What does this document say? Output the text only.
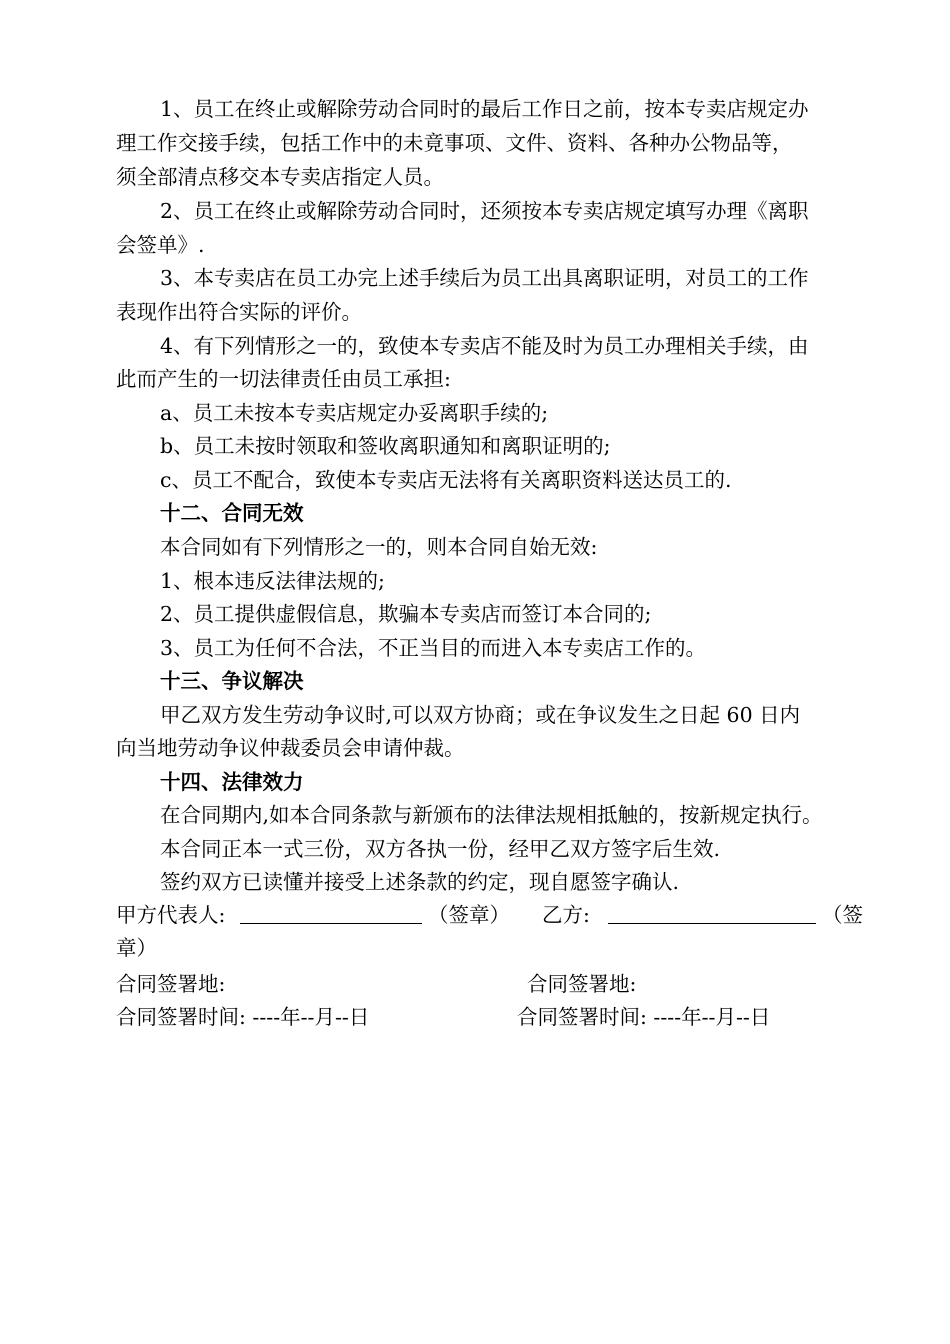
1、员工在终止或解除劳动合同时的最后工作日之前，按本专卖店规定办
理工作交接手续，包括工作中的未竟事项、文件、资料、各种办公物品等，
须全部清点移交本专卖店指定人员。
2、员工在终止或解除劳动合同时，还须按本专卖店规定填写办理《离职
会签单》.
3、本专卖店在员工办完上述手续后为员工出具离职证明，对员工的工作
表现作出符合实际的评价。
4、有下列情形之一的，致使本专卖店不能及时为员工办理相关手续，由
此而产生的一切法律责任由员工承担:
a、员工未按本专卖店规定办妥离职手续的;
b、员工未按时领取和签收离职通知和离职证明的;
c、员工不配合，致使本专卖店无法将有关离职资料送达员工的.
十二、合同无效
本合同如有下列情形之一的，则本合同自始无效:
1、根本违反法律法规的;
2、员工提供虚假信息，欺骗本专卖店而签订本合同的;
3、员工为任何不合法，不正当目的而进入本专卖店工作的。
十三、争议解决
甲乙双方发生劳动争议时,可以双方协商；或在争议发生之日起 60 日内
向当地劳动争议仲裁委员会申请仲裁。
十四、法律效力
在合同期内,如本合同条款与新颁布的法律法规相抵触的，按新规定执行。
本合同正本一式三份，双方各执一份，经甲乙双方签字后生效.
签约双方已读懂并接受上述条款的约定，现自愿签字确认.
甲方代表人:	（签章） 乙方:	（签
章）
合同签署地:	合同签署地:
合同签署时间: ----年--月--日	合同签署时间: ----年--月--日
